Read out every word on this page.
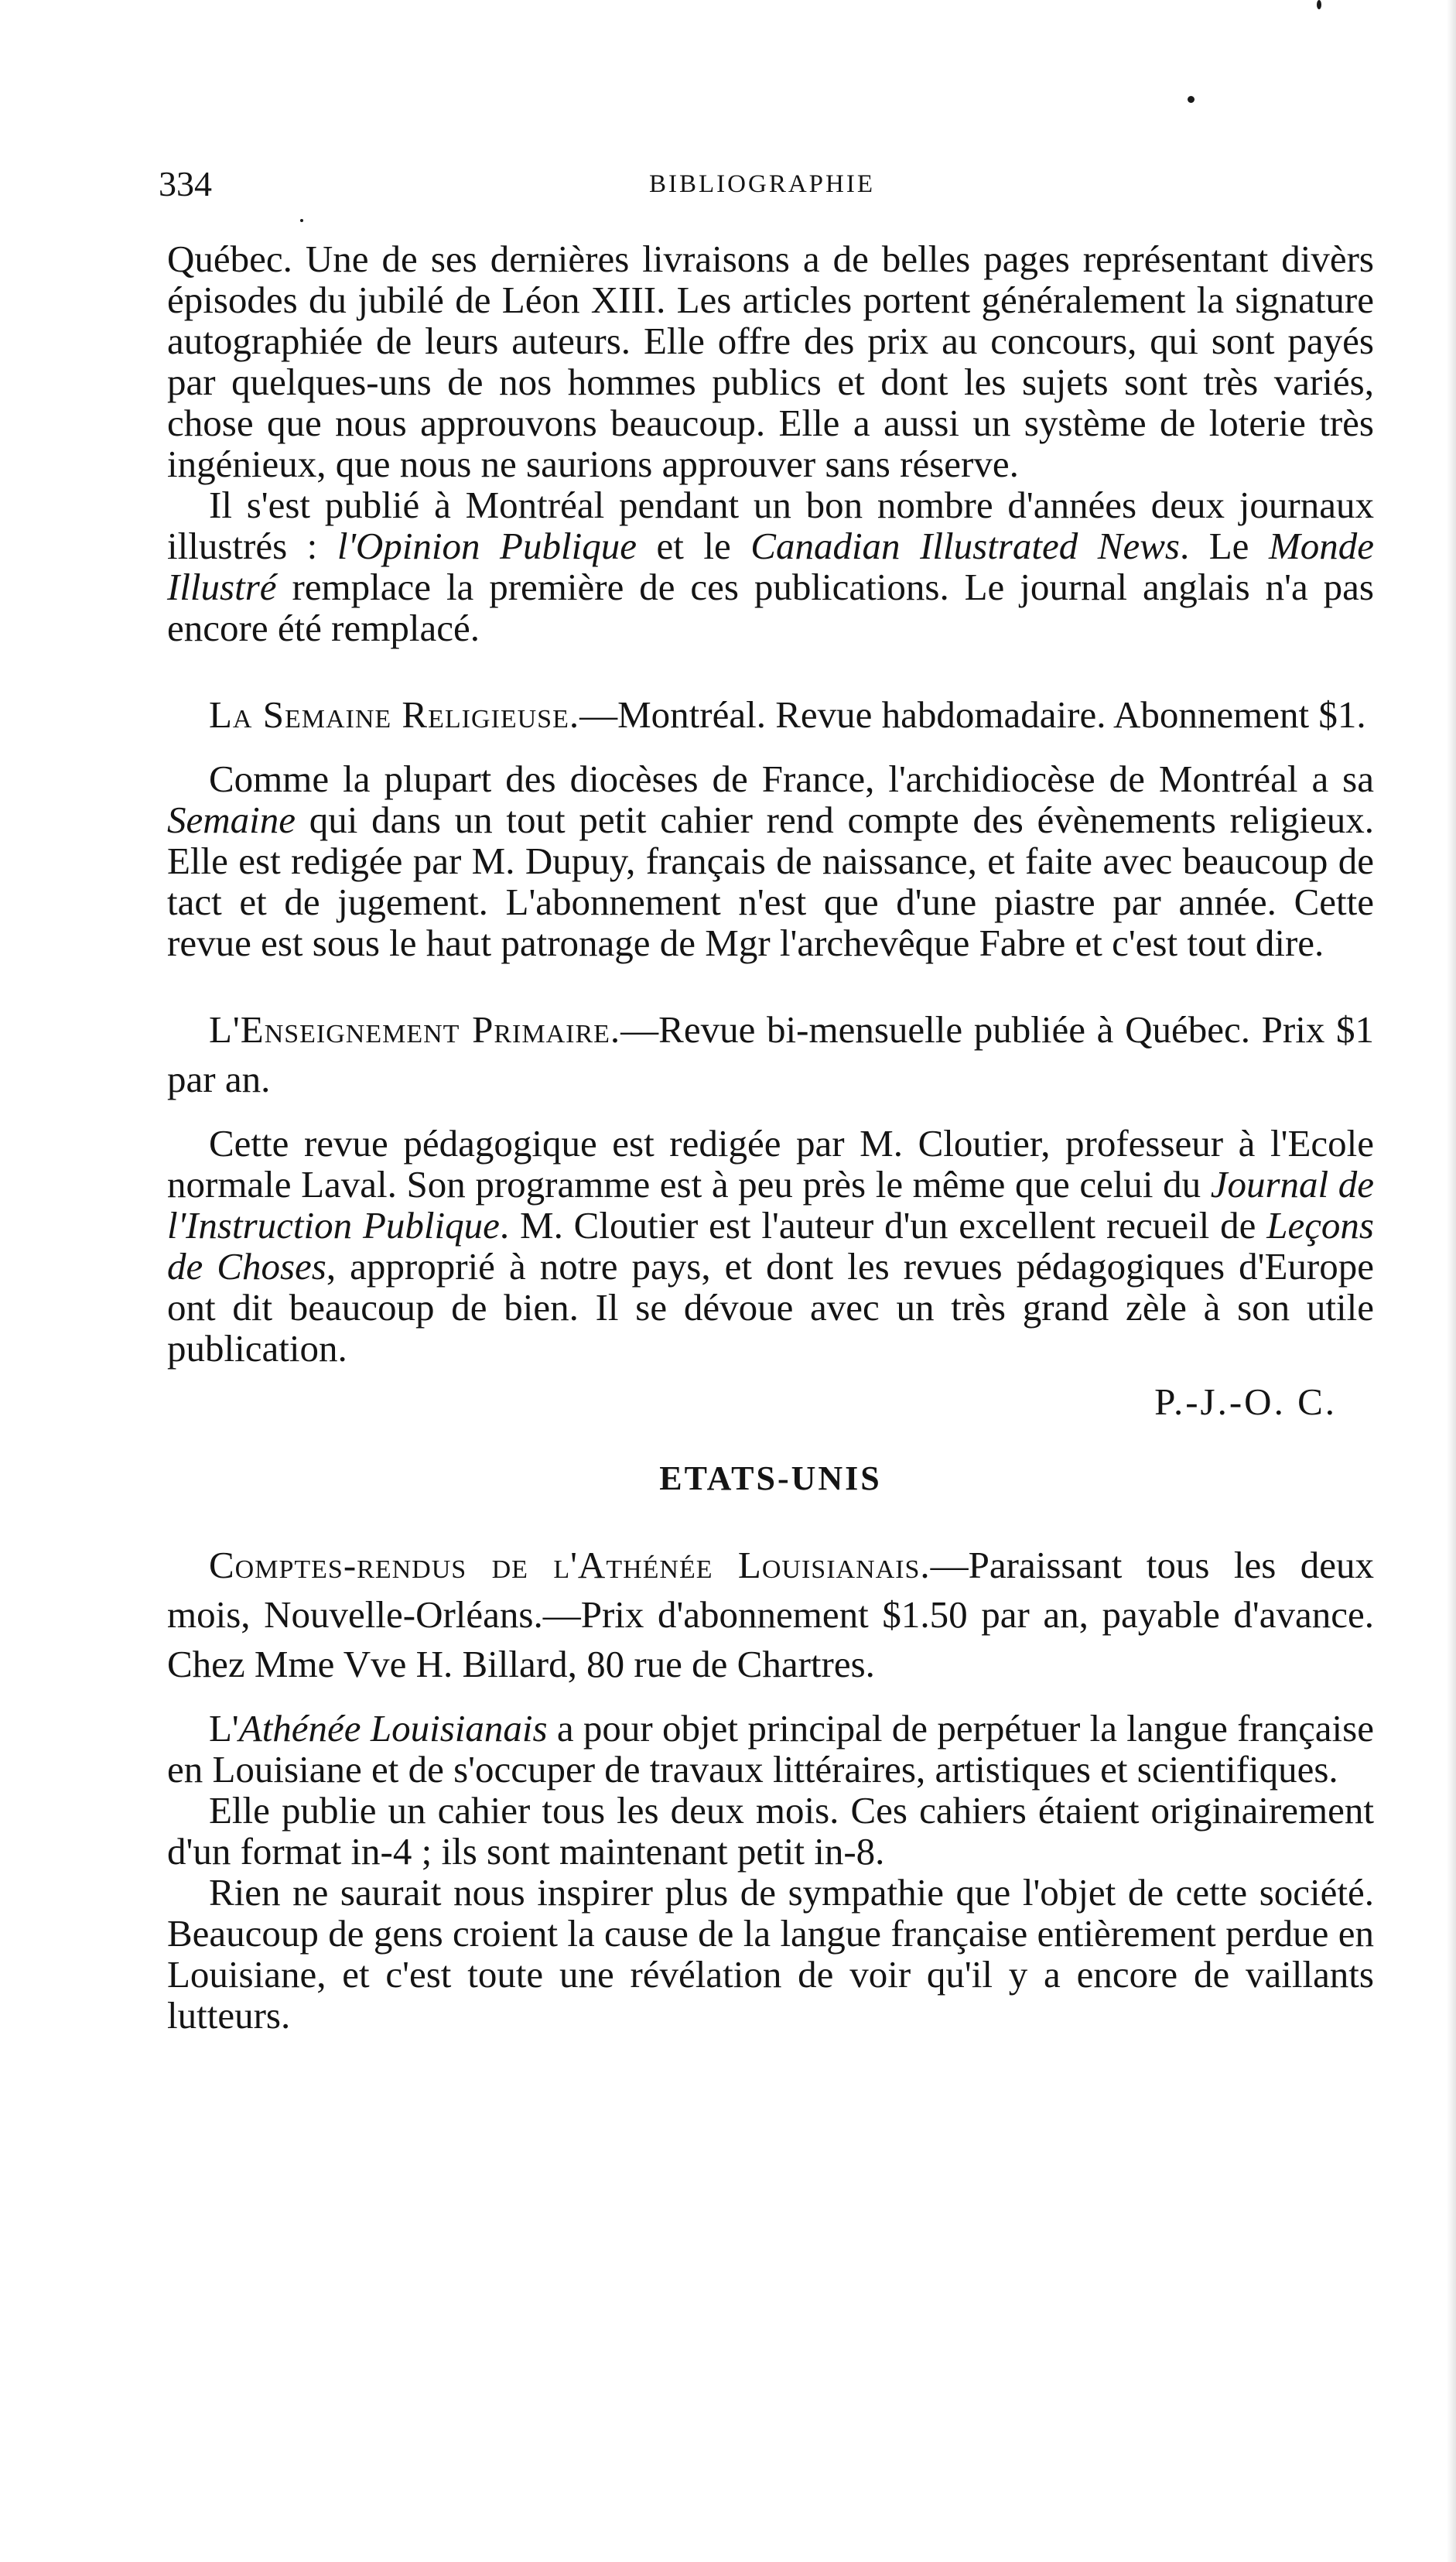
334	BIBLIOGRAPHIE

Québec. Une de ses dernières livraisons a de belles pages représentant divèrs épisodes du jubilé de Léon XIII. Les articles portent généralement la signature autographiée de leurs auteurs. Elle offre des prix au concours, qui sont payés par quelques-uns de nos hommes publics et dont les sujets sont très variés, chose que nous approuvons beaucoup. Elle a aussi un système de loterie très ingénieux, que nous ne saurions approuver sans réserve.

Il s'est publié à Montréal pendant un bon nombre d'années deux journaux illustrés : l'Opinion Publique et le Canadian Illustrated News. Le Monde Illustré remplace la première de ces publications. Le journal anglais n'a pas encore été remplacé.

La Semaine Religieuse.—Montréal. Revue habdomadaire. Abonnement $1.

Comme la plupart des diocèses de France, l'archidiocèse de Montréal a sa Semaine qui dans un tout petit cahier rend compte des évènements religieux. Elle est redigée par M. Dupuy, français de naissance, et faite avec beaucoup de tact et de jugement. L'abonnement n'est que d'une piastre par année. Cette revue est sous le haut patronage de Mgr l'archevêque Fabre et c'est tout dire.

L'Enseignement Primaire.—Revue bi-mensuelle publiée à Québec. Prix $1 par an.

Cette revue pédagogique est redigée par M. Cloutier, professeur à l'Ecole normale Laval. Son programme est à peu près le même que celui du Journal de l'Instruction Publique. M. Cloutier est l'auteur d'un excellent recueil de Leçons de Choses, approprié à notre pays, et dont les revues pédagogiques d'Europe ont dit beaucoup de bien. Il se dévoue avec un très grand zèle à son utile publication.

P.-J.-O. C.

ETATS-UNIS

Comptes-rendus de l'Athénée Louisianais.—Paraissant tous les deux mois, Nouvelle-Orléans.—Prix d'abonnement $1.50 par an, payable d'avance. Chez Mme Vve H. Billard, 80 rue de Chartres.

L'Athénée Louisianais a pour objet principal de perpétuer la langue française en Louisiane et de s'occuper de travaux littéraires, artistiques et scientifiques.

Elle publie un cahier tous les deux mois. Ces cahiers étaient originairement d'un format in-4 ; ils sont maintenant petit in-8.

Rien ne saurait nous inspirer plus de sympathie que l'objet de cette société. Beaucoup de gens croient la cause de la langue française entièrement perdue en Louisiane, et c'est toute une révélation de voir qu'il y a encore de vaillants lutteurs.
